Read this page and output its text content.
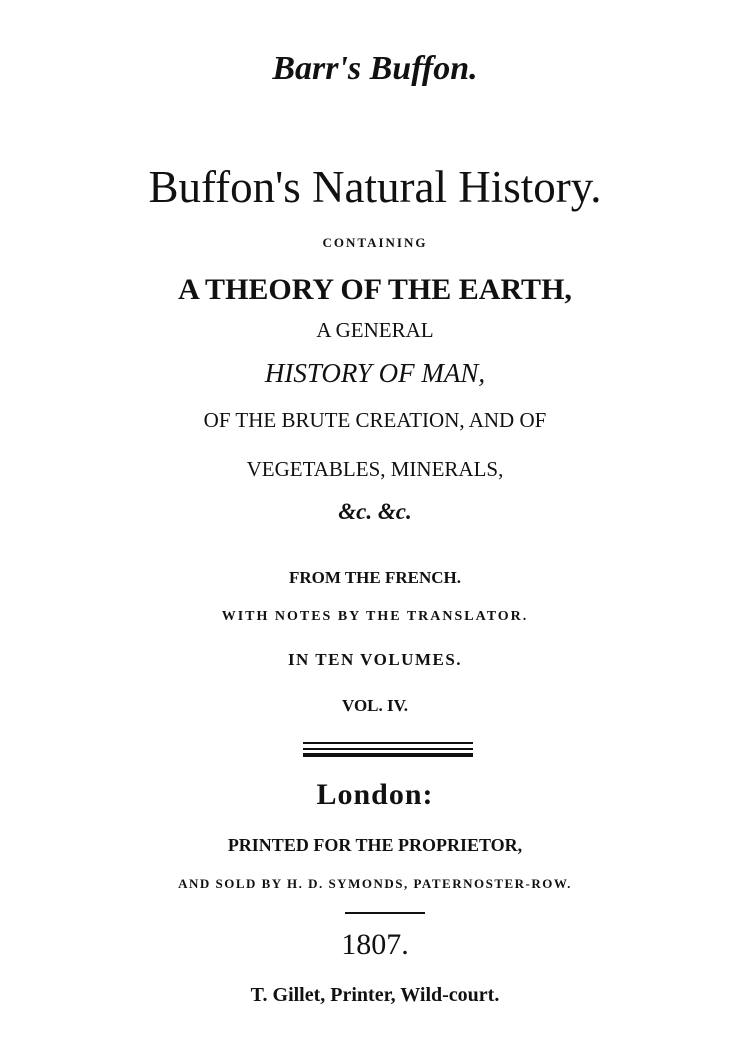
Barr's Buffon.
Buffon's Natural History.
CONTAINING
A THEORY OF THE EARTH,
A GENERAL
HISTORY OF MAN,
OF THE BRUTE CREATION, AND OF
VEGETABLES, MINERALS,
&c. &c.
FROM THE FRENCH.
WITH NOTES BY THE TRANSLATOR.
IN TEN VOLUMES.
VOL. IV.
London:
PRINTED FOR THE PROPRIETOR,
AND SOLD BY H. D. SYMONDS, PATERNOSTER-ROW.
1807.
T. Gillet, Printer, Wild-court.
